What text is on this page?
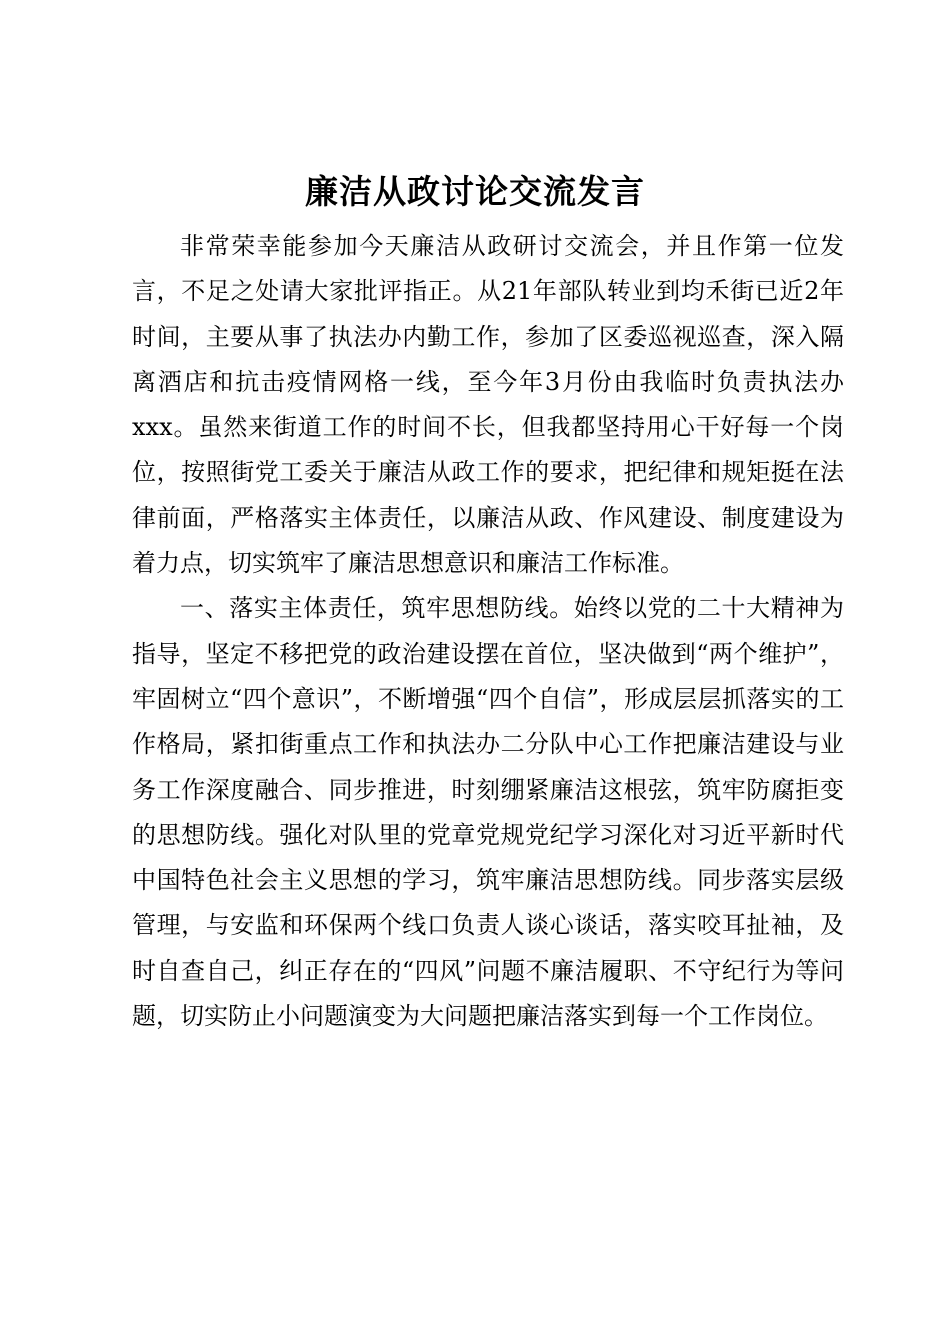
廉洁从政讨论交流发言

非常荣幸能参加今天廉洁从政研讨交流会，并且作第一位发言，不足之处请大家批评指正。从21年部队转业到均禾街已近2年时间，主要从事了执法办内勤工作，参加了区委巡视巡查，深入隔离酒店和抗击疫情网格一线，至今年3月份由我临时负责执法办xxx。虽然来街道工作的时间不长，但我都坚持用心干好每一个岗位，按照街党工委关于廉洁从政工作的要求，把纪律和规矩挺在法律前面，严格落实主体责任，以廉洁从政、作风建设、制度建设为着力点，切实筑牢了廉洁思想意识和廉洁工作标准。

一、落实主体责任，筑牢思想防线。始终以党的二十大精神为指导，坚定不移把党的政治建设摆在首位，坚决做到“两个维护”，牢固树立“四个意识”，不断增强“四个自信”，形成层层抓落实的工作格局，紧扣街重点工作和执法办二分队中心工作把廉洁建设与业务工作深度融合、同步推进，时刻绷紧廉洁这根弦，筑牢防腐拒变的思想防线。强化对队里的党章党规党纪学习深化对习近平新时代中国特色社会主义思想的学习，筑牢廉洁思想防线。同步落实层级管理，与安监和环保两个线口负责人谈心谈话，落实咬耳扯袖，及时自查自己，纠正存在的“四风”问题不廉洁履职、不守纪行为等问题，切实防止小问题演变为大问题把廉洁落实到每一个工作岗位。
